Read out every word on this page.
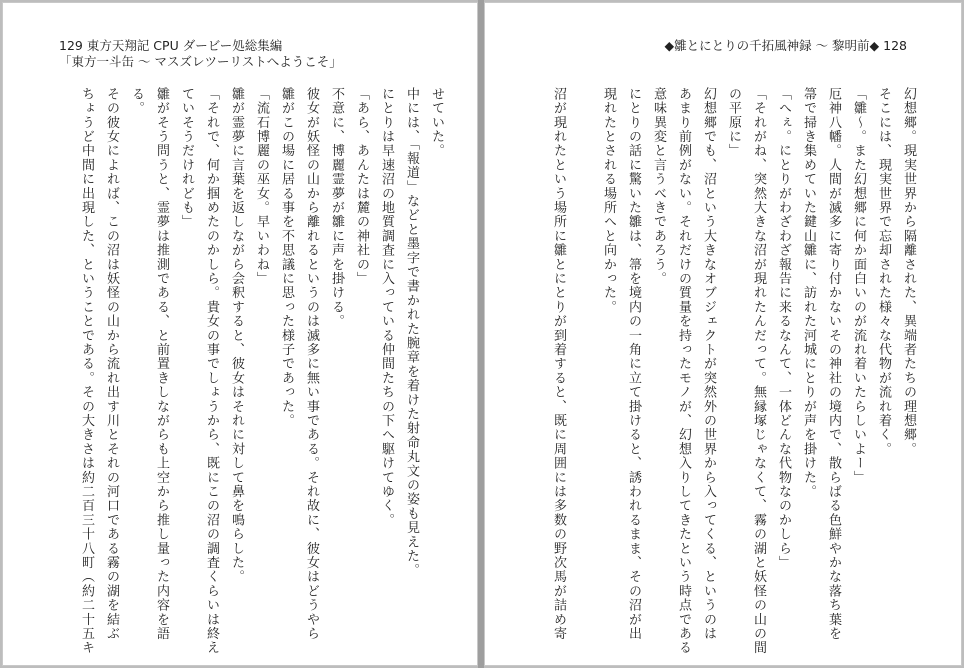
129 東方天翔記 CPU ダービー処総集編
「東方一斗缶 〜 マスズレツーリストへようこそ」
せていた。
中には、「報道」などと墨字で書かれた腕章を着けた射命丸文の姿も見えた。
にとりは早速沼の地質調査に入っている仲間たちの下へ駆けてゆく。
「あら、あんたは麓の神社の」
不意に、博麗霊夢が雛に声を掛ける。
彼女が妖怪の山から離れるというのは滅多に無い事である。それ故に、彼女はどうやら
雛がこの場に居る事を不思議に思った様子であった。
「流石博麗の巫女。早いわね」
雛が霊夢に言葉を返しながら会釈すると、彼女はそれに対して鼻を鳴らした。
「それで、何か掴めたのかしら。貴女の事でしょうから、既にこの沼の調査くらいは終え
ていそうだけれども」
雛がそう問うと、霊夢は推測である、と前置きしながらも上空から推し量った内容を語
る。
その彼女によれば、この沼は妖怪の山から流れ出す川とそれの河口である霧の湖を結ぶ
ちょうど中間に出現した、ということである。その大きさは約二百三十八町（約二十五キ
◆雛とにとりの千拓風神録 〜 黎明前◆ 128
幻想郷。現実世界から隔離された、異端者たちの理想郷。
そこには、現実世界で忘却された様々な代物が流れ着く。
「雛〜。また幻想郷に何か面白いのが流れ着いたらしいよー」
厄神八幡。人間が滅多に寄り付かないその神社の境内で、散らばる色鮮やかな落ち葉を
箒で掃き集めていた鍵山雛に、訪れた河城にとりが声を掛けた。
「へぇ。にとりがわざわざ報告に来るなんて、一体どんな代物なのかしら」
「それがね、突然大きな沼が現れたんだって。無縁塚じゃなくて、霧の湖と妖怪の山の間
の平原に」
幻想郷でも、沼という大きなオブジェクトが突然外の世界から入ってくる、というのは
あまり前例がない。それだけの質量を持ったモノが、幻想入りしてきたという時点である
意味異変と言うべきであろう。
にとりの話に驚いた雛は、箒を境内の一角に立て掛けると、誘われるまま、その沼が出
現れたとされる場所へと向かった。

沼が現れたという場所に雛とにとりが到着すると、既に周囲には多数の野次馬が詰め寄
